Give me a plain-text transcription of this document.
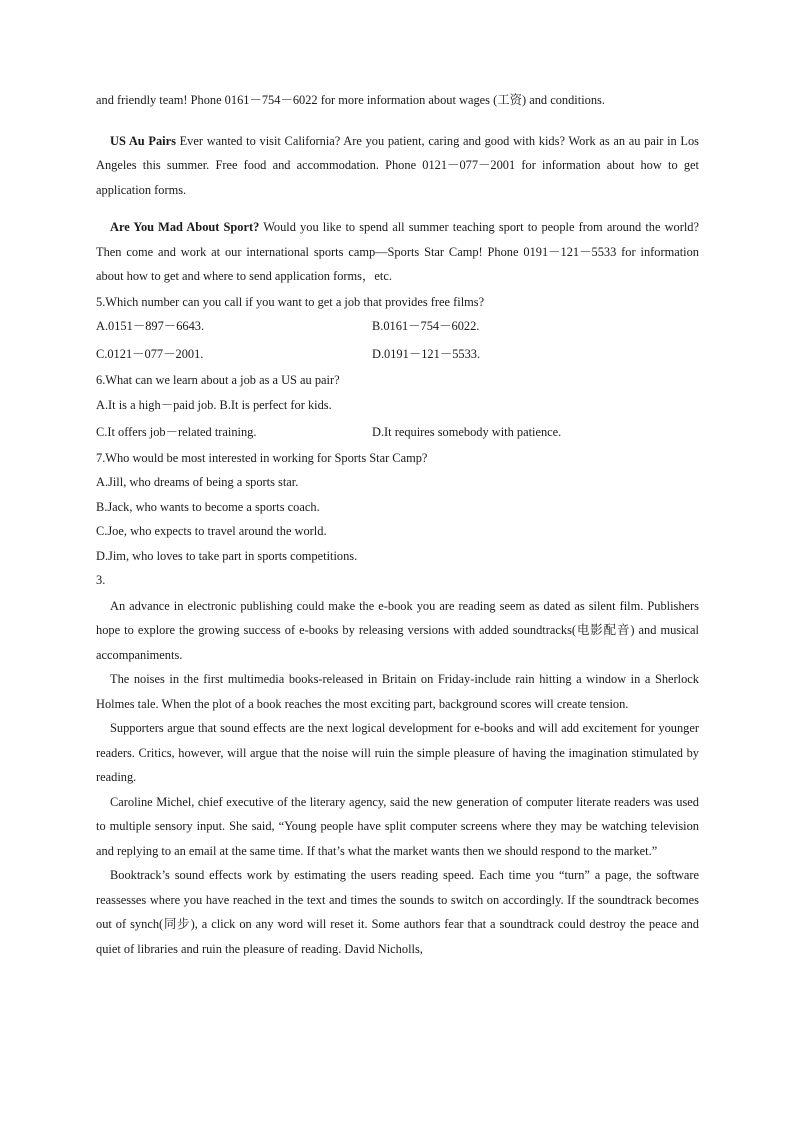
and friendly team! Phone 0161－754－6022 for more information about wages (工资) and conditions.

US Au Pairs Ever wanted to visit California? Are you patient, caring and good with kids? Work as an au pair in Los Angeles this summer. Free food and accommodation. Phone 0121－077－2001 for information about how to get application forms.

Are You Mad About Sport? Would you like to spend all summer teaching sport to people from around the world? Then come and work at our international sports camp—Sports Star Camp! Phone 0191－121－5533 for information about how to get and where to send application forms，etc.

5.Which number can you call if you want to get a job that provides free films?

A.0151－897－6643.	B.0161－754－6022.
C.0121－077－2001.	D.0191－121－5533.

6.What can we learn about a job as a US au pair?

A.It is a high－paid job. B.It is perfect for kids.

C.It offers job－related training.	D.It requires somebody with patience.

7.Who would be most interested in working for Sports Star Camp?

A.Jill, who dreams of being a sports star.

B.Jack, who wants to become a sports coach.

C.Joe, who expects to travel around the world.

D.Jim, who loves to take part in sports competitions.

3.

An advance in electronic publishing could make the e-book you are reading seem as dated as silent film. Publishers hope to explore the growing success of e-books by releasing versions with added soundtracks(电影配音) and musical accompaniments.

The noises in the first multimedia books-released in Britain on Friday-include rain hitting a window in a Sherlock Holmes tale. When the plot of a book reaches the most exciting part, background scores will create tension.

Supporters argue that sound effects are the next logical development for e-books and will add excitement for younger readers. Critics, however, will argue that the noise will ruin the simple pleasure of having the imagination stimulated by reading.

Caroline Michel, chief executive of the literary agency, said the new generation of computer literate readers was used to multiple sensory input. She said, “Young people have split computer screens where they may be watching television and replying to an email at the same time. If that’s what the market wants then we should respond to the market.”

Booktrack’s sound effects work by estimating the users reading speed. Each time you “turn” a page, the software reassesses where you have reached in the text and times the sounds to switch on accordingly. If the soundtrack becomes out of synch(同步), a click on any word will reset it. Some authors fear that a soundtrack could destroy the peace and quiet of libraries and ruin the pleasure of reading. David Nicholls,
